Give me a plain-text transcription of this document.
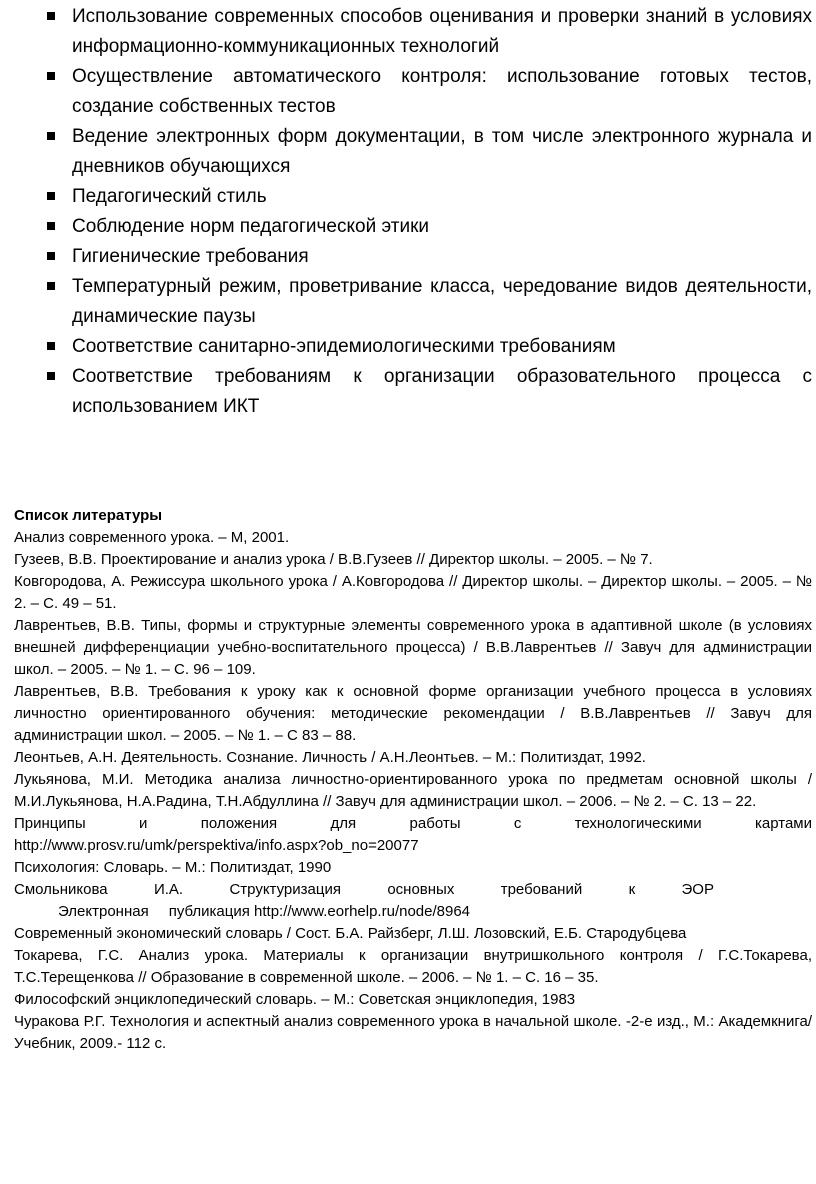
Использование современных способов оценивания и проверки знаний в условиях информационно-коммуникационных технологий
Осуществление автоматического контроля: использование готовых тестов, создание собственных тестов
Ведение электронных форм документации, в том числе электронного журнала и дневников обучающихся
Педагогический стиль
Соблюдение норм педагогической этики
Гигиенические требования
Температурный режим, проветривание класса, чередование видов деятельности, динамические паузы
Соответствие санитарно-эпидемиологическими требованиям
Соответствие требованиям к организации образовательного процесса с использованием ИКТ

Список литературы

Анализ современного урока. – М, 2001.

Гузеев, В.В. Проектирование и анализ урока / В.В.Гузеев // Директор школы. – 2005. – № 7.

Ковгородова, А. Режиссура школьного урока / А.Ковгородова // Директор школы. – Директор школы. – 2005. – № 2. – С. 49 – 51.

Лаврентьев, В.В. Типы, формы и структурные элементы современного урока в адаптивной школе (в условиях внешней дифференциации учебно-воспитательного процесса) / В.В.Лаврентьев // Завуч для администрации школ. – 2005. – № 1. – С. 96 – 109.

Лаврентьев, В.В. Требования к уроку как к основной форме организации учебного процесса в условиях личностно ориентированного обучения: методические рекомендации / В.В.Лаврентьев // Завуч для администрации школ. – 2005. – № 1. – С 83 – 88.

Леонтьев, А.Н. Деятельность. Сознание. Личность / А.Н.Леонтьев. – М.: Политиздат, 1992.

Лукьянова, М.И. Методика анализа личностно-ориентированного урока по предметам основной школы / М.И.Лукьянова, Н.А.Радина, Т.Н.Абдуллина // Завуч для администрации школ. – 2006. – № 2. – С. 13 – 22.

Принципы	и	положения	для	работы	с	технологическими	картами

http://www.prosv.ru/umk/perspektiva/info.aspx?ob_no=20077

Психология: Словарь. – М.: Политиздат, 1990

Смольникова	И.А.	Структуризация	основных	требований	к	ЭОР
Электронная публикация http://www.eorhelp.ru/node/8964

Современный экономический словарь / Сост. Б.А. Райзберг, Л.Ш. Лозовский, Е.Б. Стародубцева

Токарева, Г.С. Анализ урока. Материалы к организации внутришкольного контроля / Г.С.Токарева, Т.С.Терещенкова // Образование в современной школе. – 2006. – № 1. – С. 16 – 35.

Философский энциклопедический словарь. – М.: Советская энциклопедия, 1983

Чуракова Р.Г. Технология и аспектный анализ современного урока в начальной школе. -2-е изд., М.: Академкнига/Учебник, 2009.- 112 с.
